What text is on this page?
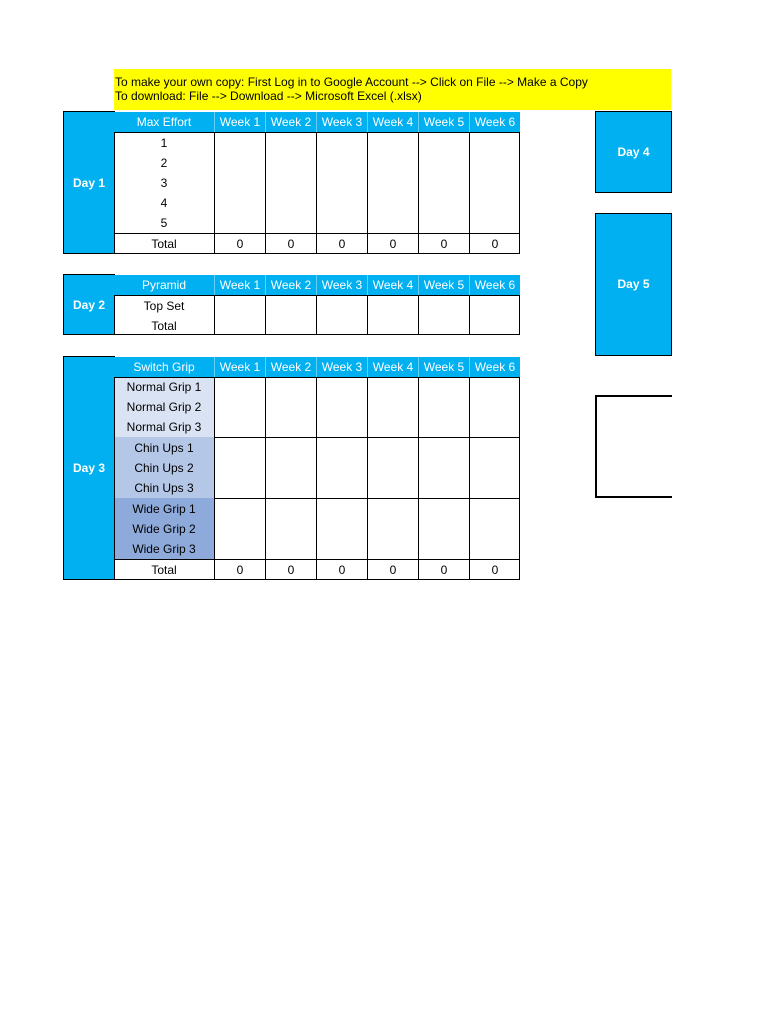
To make your own copy: First Log in to Google Account --> Click on File --> Make a Copy
To download: File --> Download --> Microsoft Excel (.xlsx)
Day 1
Max Effort	Week 1 Week 2 Week 3 Week 4 Week 5 Week 6
1
2
3
4
5
Total	0	0	0	0	0	0
Day 2
Pyramid	Week 1 Week 2 Week 3 Week 4 Week 5 Week 6
Top Set
Total
Day 3
Switch Grip	Week 1 Week 2 Week 3 Week 4 Week 5 Week 6
Normal Grip 1
Normal Grip 2
Normal Grip 3
Chin Ups 1
Chin Ups 2
Chin Ups 3
Wide Grip 1
Wide Grip 2
Wide Grip 3
Total	0	0	0	0	0	0
Day 4
Day 5
